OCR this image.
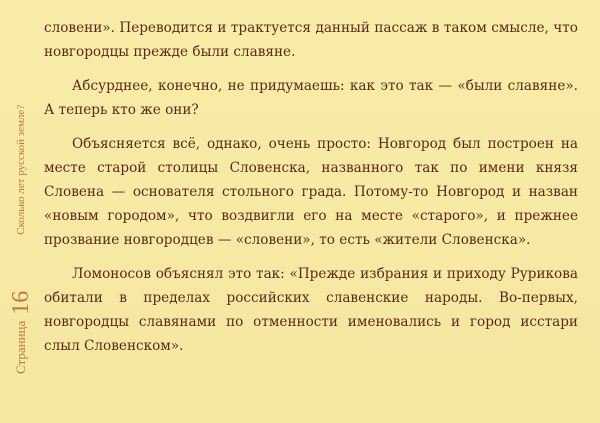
Страница
16
Сколько лет русской земле?

словени». Переводится и трактуется данный пассаж в таком смысле, что новгородцы прежде были славяне.

Абсурднее, конечно, не придумаешь: как это так — «были славяне». А теперь кто же они?

Объясняется всё, однако, очень просто: Новгород был построен на месте старой столицы Словенска, названного так по имени князя Словена — основателя стольного града. Потому-то Новгород и назван «новым городом», что воздвигли его на месте «старого», и прежнее прозвание новгородцев — «словени», то есть «жители Словенска».

Ломоносов объяснял это так: «Прежде избрания и приходу Рурикова обитали в пределах российских славенские народы. Во-первых, новгородцы славянами по отменности именовались и город исстари слыл Словенском».
